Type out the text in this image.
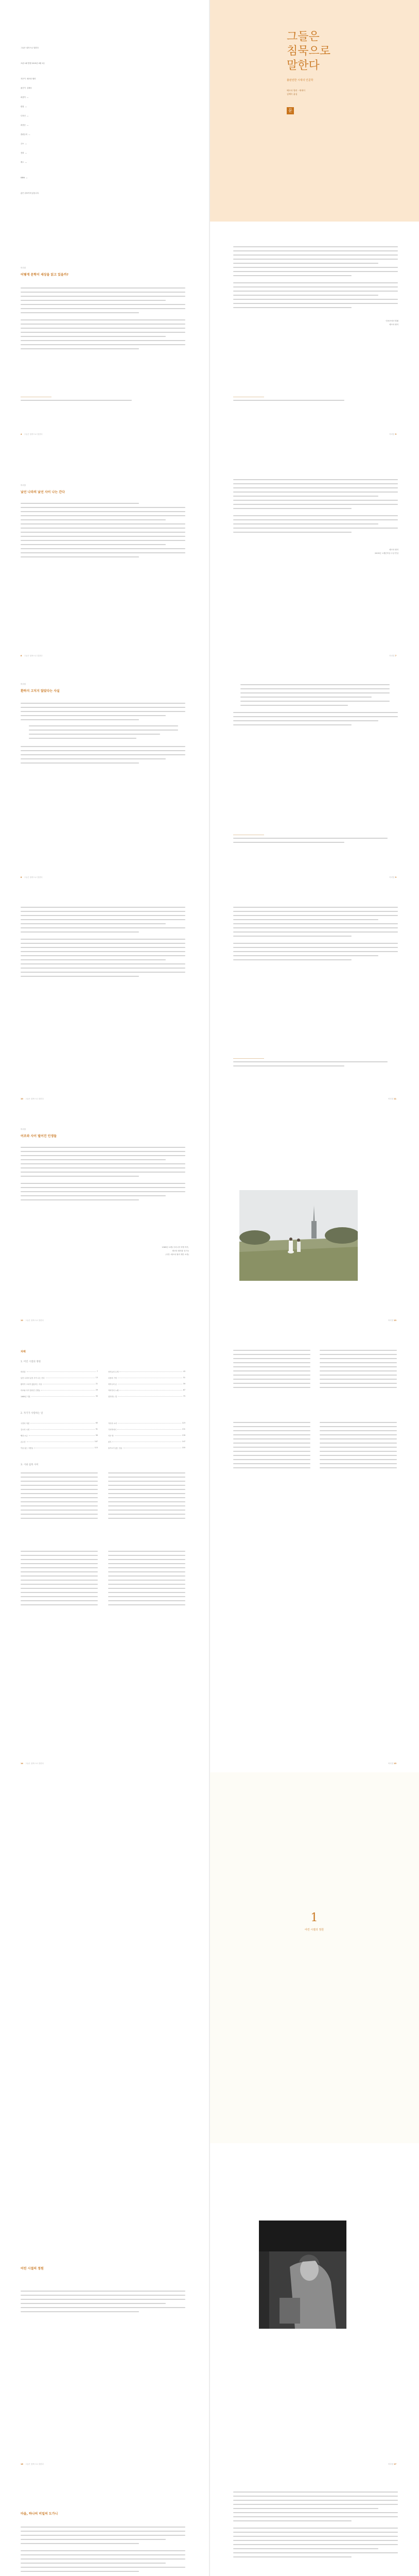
그들은 침묵으로 말한다

초판 1쇄 발행 2019년 4월 1일

지은이  헤르타 뮐러

옮긴이  김혜숙

펴낸이  —

편집  —

디자인  —

펴낸곳  —

출판등록  —

주소  —

전화  —

팩스  —

ISBN  —

값은 뒤표지에 있습니다.

그들은
침묵으로
말한다
불완전한 시대의 인문학
헤르타 뮐러 · 에세이
김혜숙 옮김
문
머리말
어떻게 문학이 세상을 읽고 있을까?
4 그들은 침묵으로 말한다
인용문에서 발췌
헤르타 뮐러
머리말 5
머리말
낯선 나라의 낯선 사이 나는 간다
6 그들은 침묵으로 말한다
헤르타 뮐러
2009년 노벨문학상 수상 연설
머리말 7
머리말
환하지 고치지 않았다는 사실
8 그들은 침묵으로 말한다	머리말 9
10 그들은 침묵으로 말한다	머리말 11
머리말
어조와 사이 벌어진 인생들
1989년 12월 루마니아 혁명 직후,
헤르타 뮐러와 친구들
(사진: 헤르타 뮐러 재단 소장)
12 그들은 침묵으로 말한다	머리말 13
차례
1. 어린 시절의 정원
머리말	7
낯선 나라의 낯선 사이 나는 간다	13
환하지 고치지 않았다는 사실	21
어조와 사이 벌어진 인생들	29
1989년 겨울	35
단어들의 무게	43
마을의 기억	51
어머니의 손	59
아버지의 노래	67
침묵하는 법	75
2. 자기가 사랑하는 일
국경의 저편	83
감시의 시대	91
빵과 소금	99
손수건	107
이름 없는 사람들	115
거리의 소리	123
기차역에서	131
작은 방	139
편지	147
돌아오지 않는 것들	155
3. 시와 침묵 사이
14 그들은 침묵으로 말한다	머리말 15
1
어린 시절의 정원
어린 시절의 정원
16 그들은 침묵으로 말한다	머리말 17
마을, 하나의 비밀의 도가니
